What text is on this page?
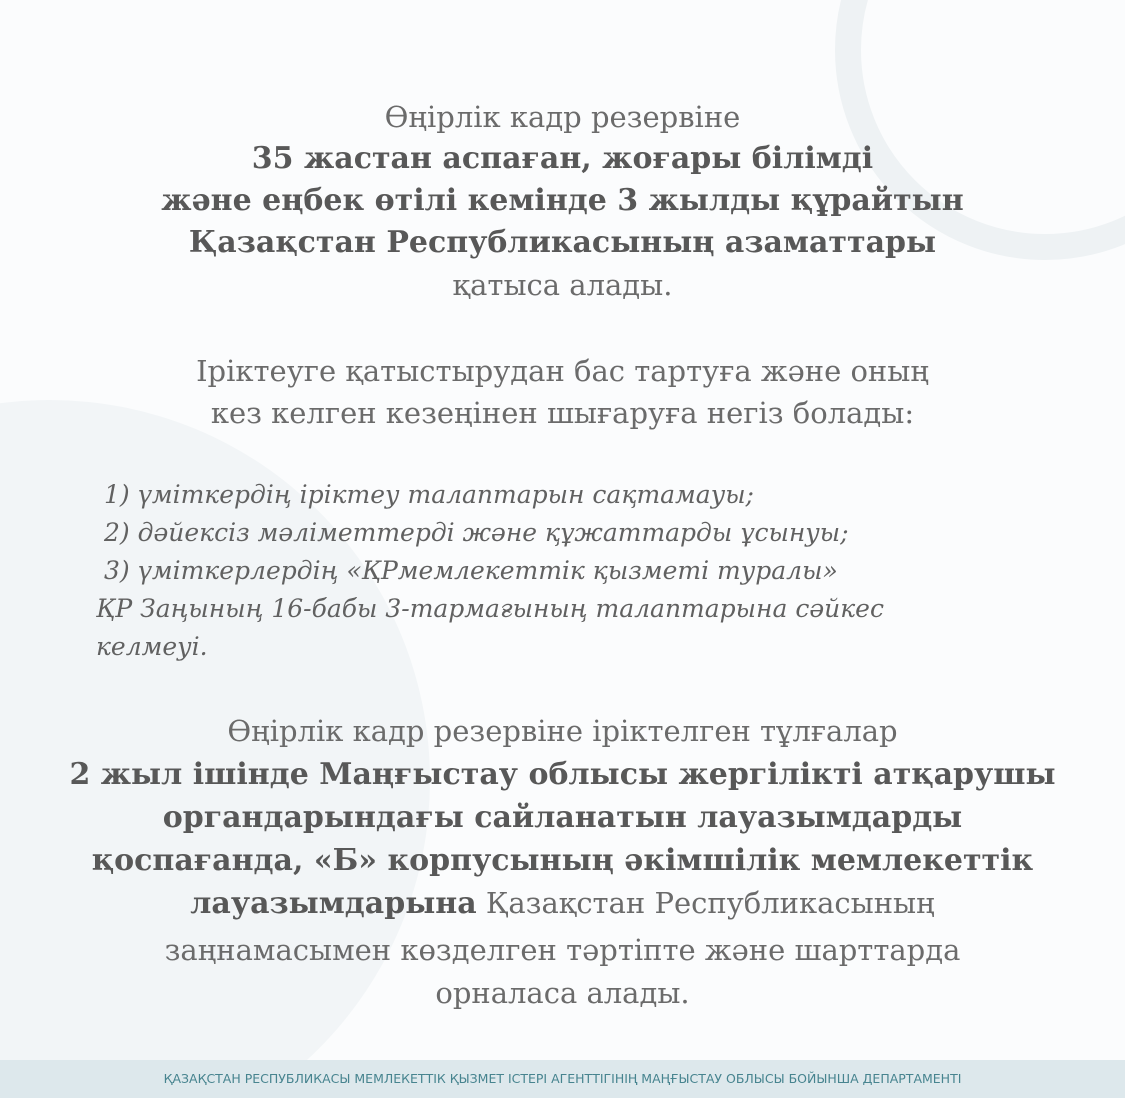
Өңірлік кадр резервіне
35 жастан аспаған, жоғары білімді
және еңбек өтілі кемінде 3 жылды құрайтын
Қазақстан Республикасының азаматтары
қатыса алады.
Іріктеуге қатыстырудан бас тартуға және оның
кез келген кезеңінен шығаруға негіз болады:
1) үміткердің іріктеу талаптарын сақтамауы;
2) дәйексіз мәліметтерді және құжаттарды ұсынуы;
3) үміткерлердің «ҚРмемлекеттік қызметі туралы»
ҚР Заңының 16-бабы 3-тармағының талаптарына сәйкес
келмеуі.
Өңірлік кадр резервіне іріктелген тұлғалар
2 жыл ішінде Маңғыстау облысы жергілікті атқарушы
органдарындағы сайланатын лауазымдарды
қоспағанда, «Б» корпусының әкімшілік мемлекеттік
лауазымдарына Қазақстан Республикасының
заңнамасымен көзделген тәртіпте және шарттарда
орналаса алады.
ҚАЗАҚСТАН РЕСПУБЛИКАСЫ МЕМЛЕКЕТТІК ҚЫЗМЕТ ІСТЕРІ АГЕНТТІГІНІҢ МАҢҒЫСТАУ ОБЛЫСЫ БОЙЫНША ДЕПАРТАМЕНТІ
